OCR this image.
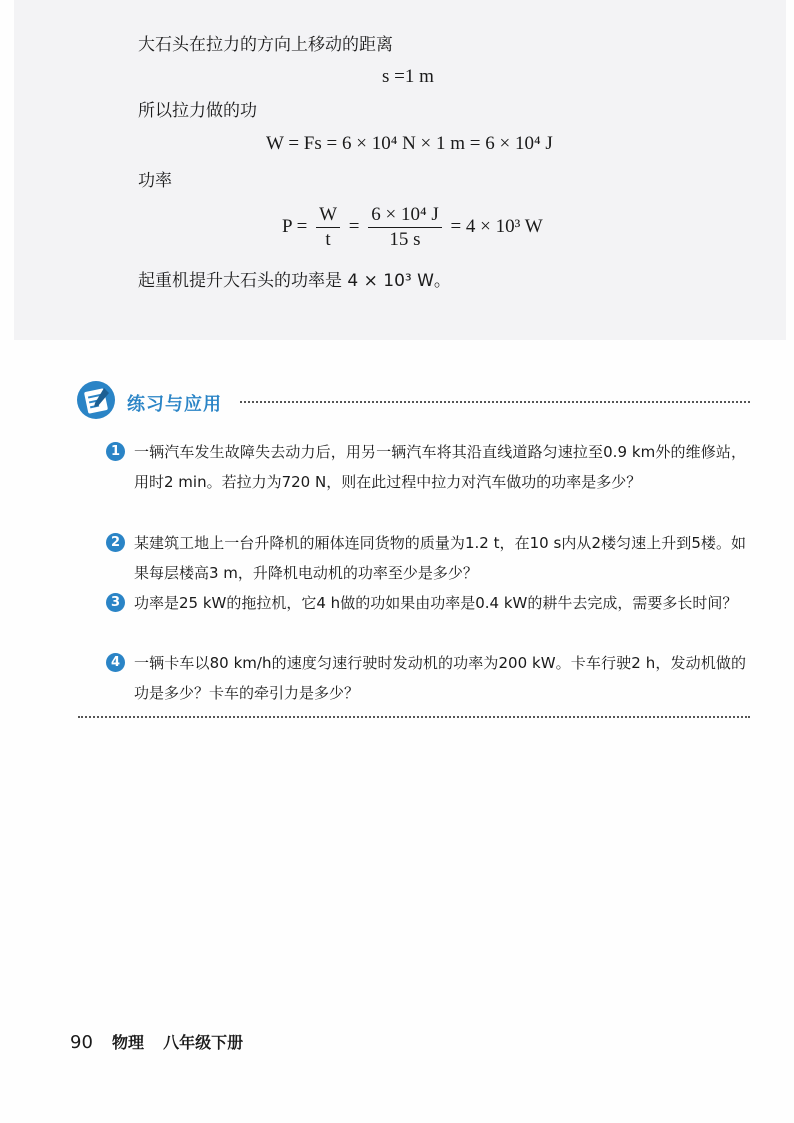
大石头在拉力的方向上移动的距离
s =1 m
所以拉力做的功
W = Fs = 6 × 10⁴ N × 1 m = 6 × 10⁴ J
功率
$P = \frac{W}{t} = \frac{\text{6 × 10⁴ J}}{15 s} = 4 \times 10^3$ W
起重机提升大石头的功率是 4 × 10³ W。
练习与应用
1 一辆汽车发生故障失去动力后，用另一辆汽车将其沿直线道路匀速拉至0.9 km外的维修站，用时2 min。若拉力为720 N，则在此过程中拉力对汽车做功的功率是多少？
2 某建筑工地上一台升降机的厢体连同货物的质量为1.2 t，在10 s内从2楼匀速上升到5楼。如果每层楼高3 m，升降机电动机的功率至少是多少？
3 功率是25 kW的拖拉机，它4 h做的功如果由功率是0.4 kW的耕牛去完成，需要多长时间？
4 一辆卡车以80 km/h的速度匀速行驶时发动机的功率为200 kW。卡车行驶2 h，发动机做的功是多少？卡车的牵引力是多少？
90 物理 八年级下册
